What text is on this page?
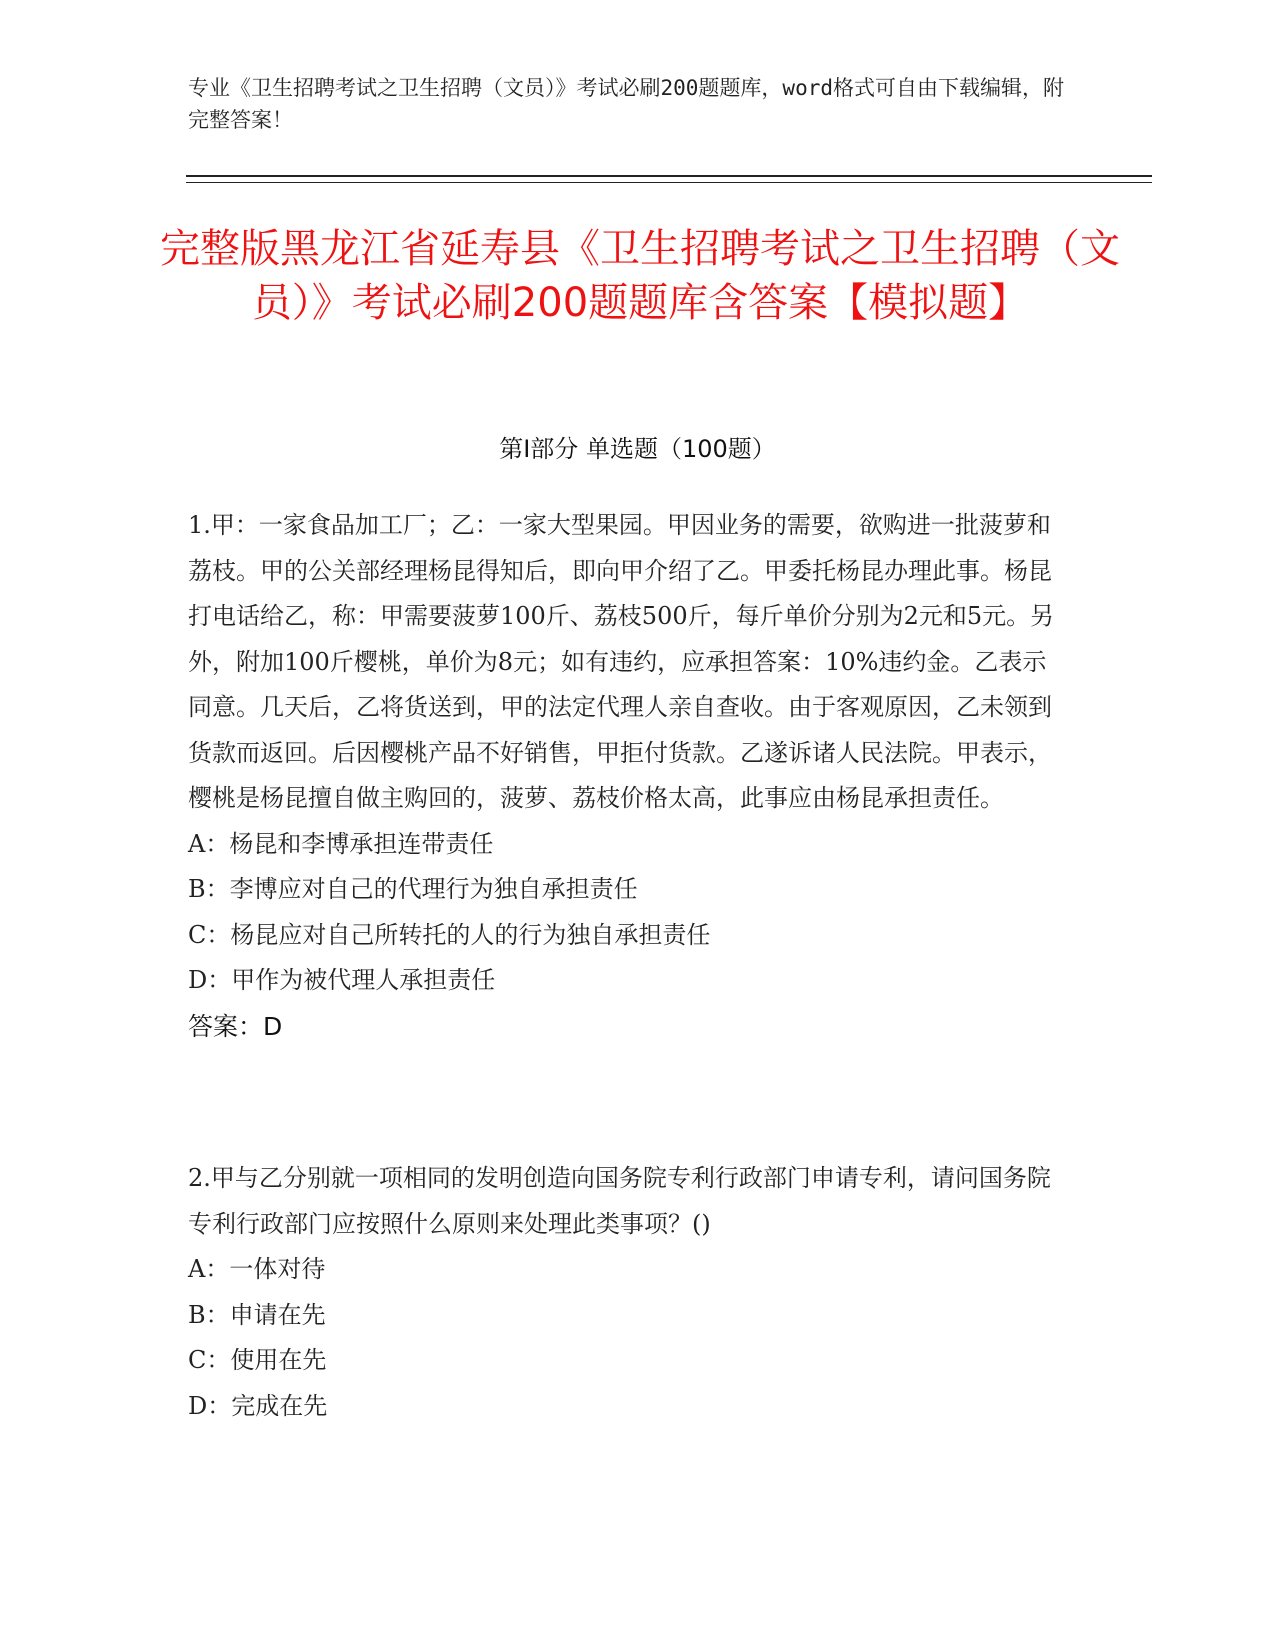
专业《卫生招聘考试之卫生招聘（文员）》考试必刷200题题库，word格式可自由下载编辑，附完整答案！
完整版黑龙江省延寿县《卫生招聘考试之卫生招聘（文员）》考试必刷200题题库含答案【模拟题】
第Ⅰ部分 单选题（100题）
1.甲：一家食品加工厂；乙：一家大型果园。甲因业务的需要，欲购进一批菠萝和荔枝。甲的公关部经理杨昆得知后，即向甲介绍了乙。甲委托杨昆办理此事。杨昆打电话给乙，称：甲需要菠萝100斤、荔枝500斤，每斤单价分别为2元和5元。另外，附加100斤樱桃，单价为8元；如有违约，应承担答案：10%违约金。乙表示同意。几天后，乙将货送到，甲的法定代理人亲自查收。由于客观原因，乙未领到货款而返回。后因樱桃产品不好销售，甲拒付货款。乙遂诉诸人民法院。甲表示，樱桃是杨昆擅自做主购回的，菠萝、荔枝价格太高，此事应由杨昆承担责任。
A：杨昆和李博承担连带责任
B：李博应对自己的代理行为独自承担责任
C：杨昆应对自己所转托的人的行为独自承担责任
D：甲作为被代理人承担责任
答案：D
2.甲与乙分别就一项相同的发明创造向国务院专利行政部门申请专利，请问国务院专利行政部门应按照什么原则来处理此类事项？()
A：一体对待
B：申请在先
C：使用在先
D：完成在先
